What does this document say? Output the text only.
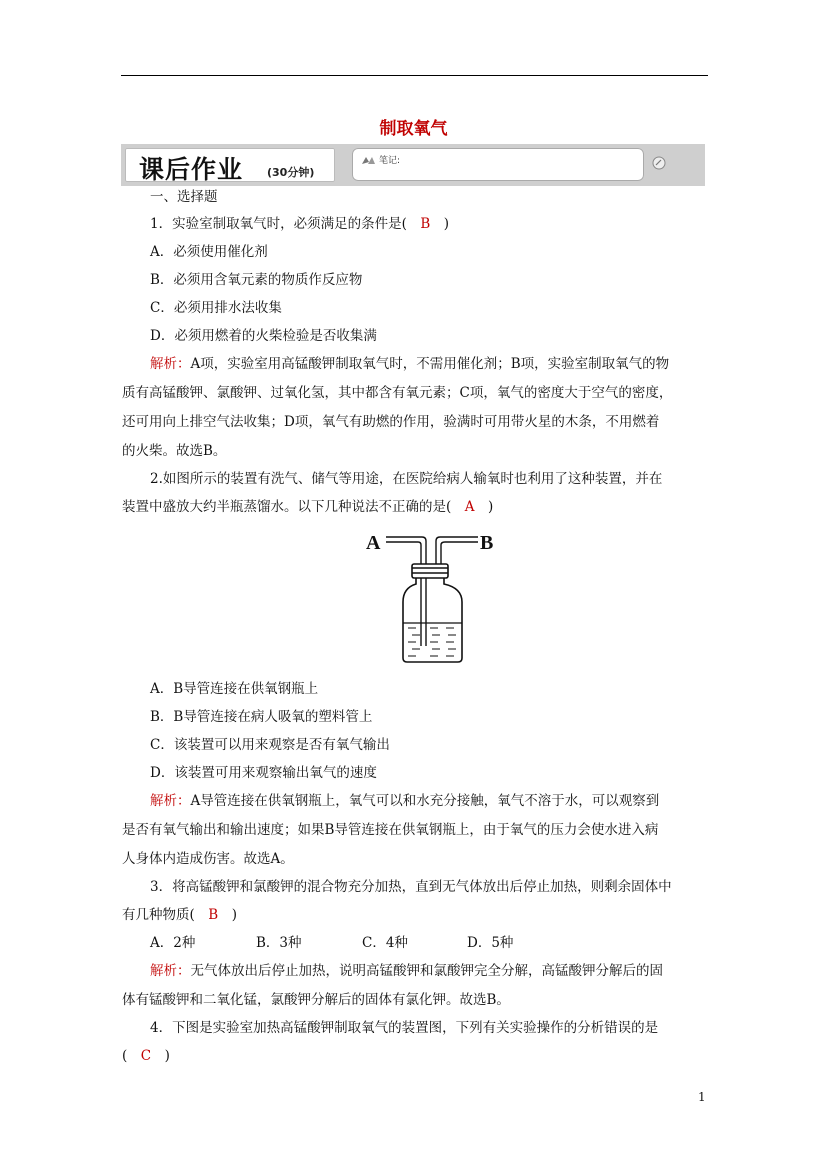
制取氧气
课后作业 (30分钟)
笔记:
一、选择题
1．实验室制取氧气时，必须满足的条件是(　B　)
A．必须使用催化剂
B．必须用含氧元素的物质作反应物
C．必须用排水法收集
D．必须用燃着的火柴检验是否收集满
解析：A项，实验室用高锰酸钾制取氧气时，不需用催化剂；B项，实验室制取氧气的物
质有高锰酸钾、氯酸钾、过氧化氢，其中都含有氧元素；C项，氧气的密度大于空气的密度，
还可用向上排空气法收集；D项，氧气有助燃的作用，验满时可用带火星的木条，不用燃着
的火柴。故选B。
2.如图所示的装置有洗气、储气等用途，在医院给病人输氧时也利用了这种装置，并在
装置中盛放大约半瓶蒸馏水。以下几种说法不正确的是(　A　)
A	B
A．B导管连接在供氧钢瓶上
B．B导管连接在病人吸氧的塑料管上
C．该装置可以用来观察是否有氧气输出
D．该装置可用来观察输出氧气的速度
解析：A导管连接在供氧钢瓶上，氧气可以和水充分接触，氧气不溶于水，可以观察到
是否有氧气输出和输出速度；如果B导管连接在供氧钢瓶上，由于氧气的压力会使水进入病
人身体内造成伤害。故选A。
3．将高锰酸钾和氯酸钾的混合物充分加热，直到无气体放出后停止加热，则剩余固体中
有几种物质(　B　)
A．2种	B．3种	C．4种	D．5种
解析：无气体放出后停止加热，说明高锰酸钾和氯酸钾完全分解，高锰酸钾分解后的固
体有锰酸钾和二氧化锰，氯酸钾分解后的固体有氯化钾。故选B。
4．下图是实验室加热高锰酸钾制取氧气的装置图，下列有关实验操作的分析错误的是
(　C　)
1
